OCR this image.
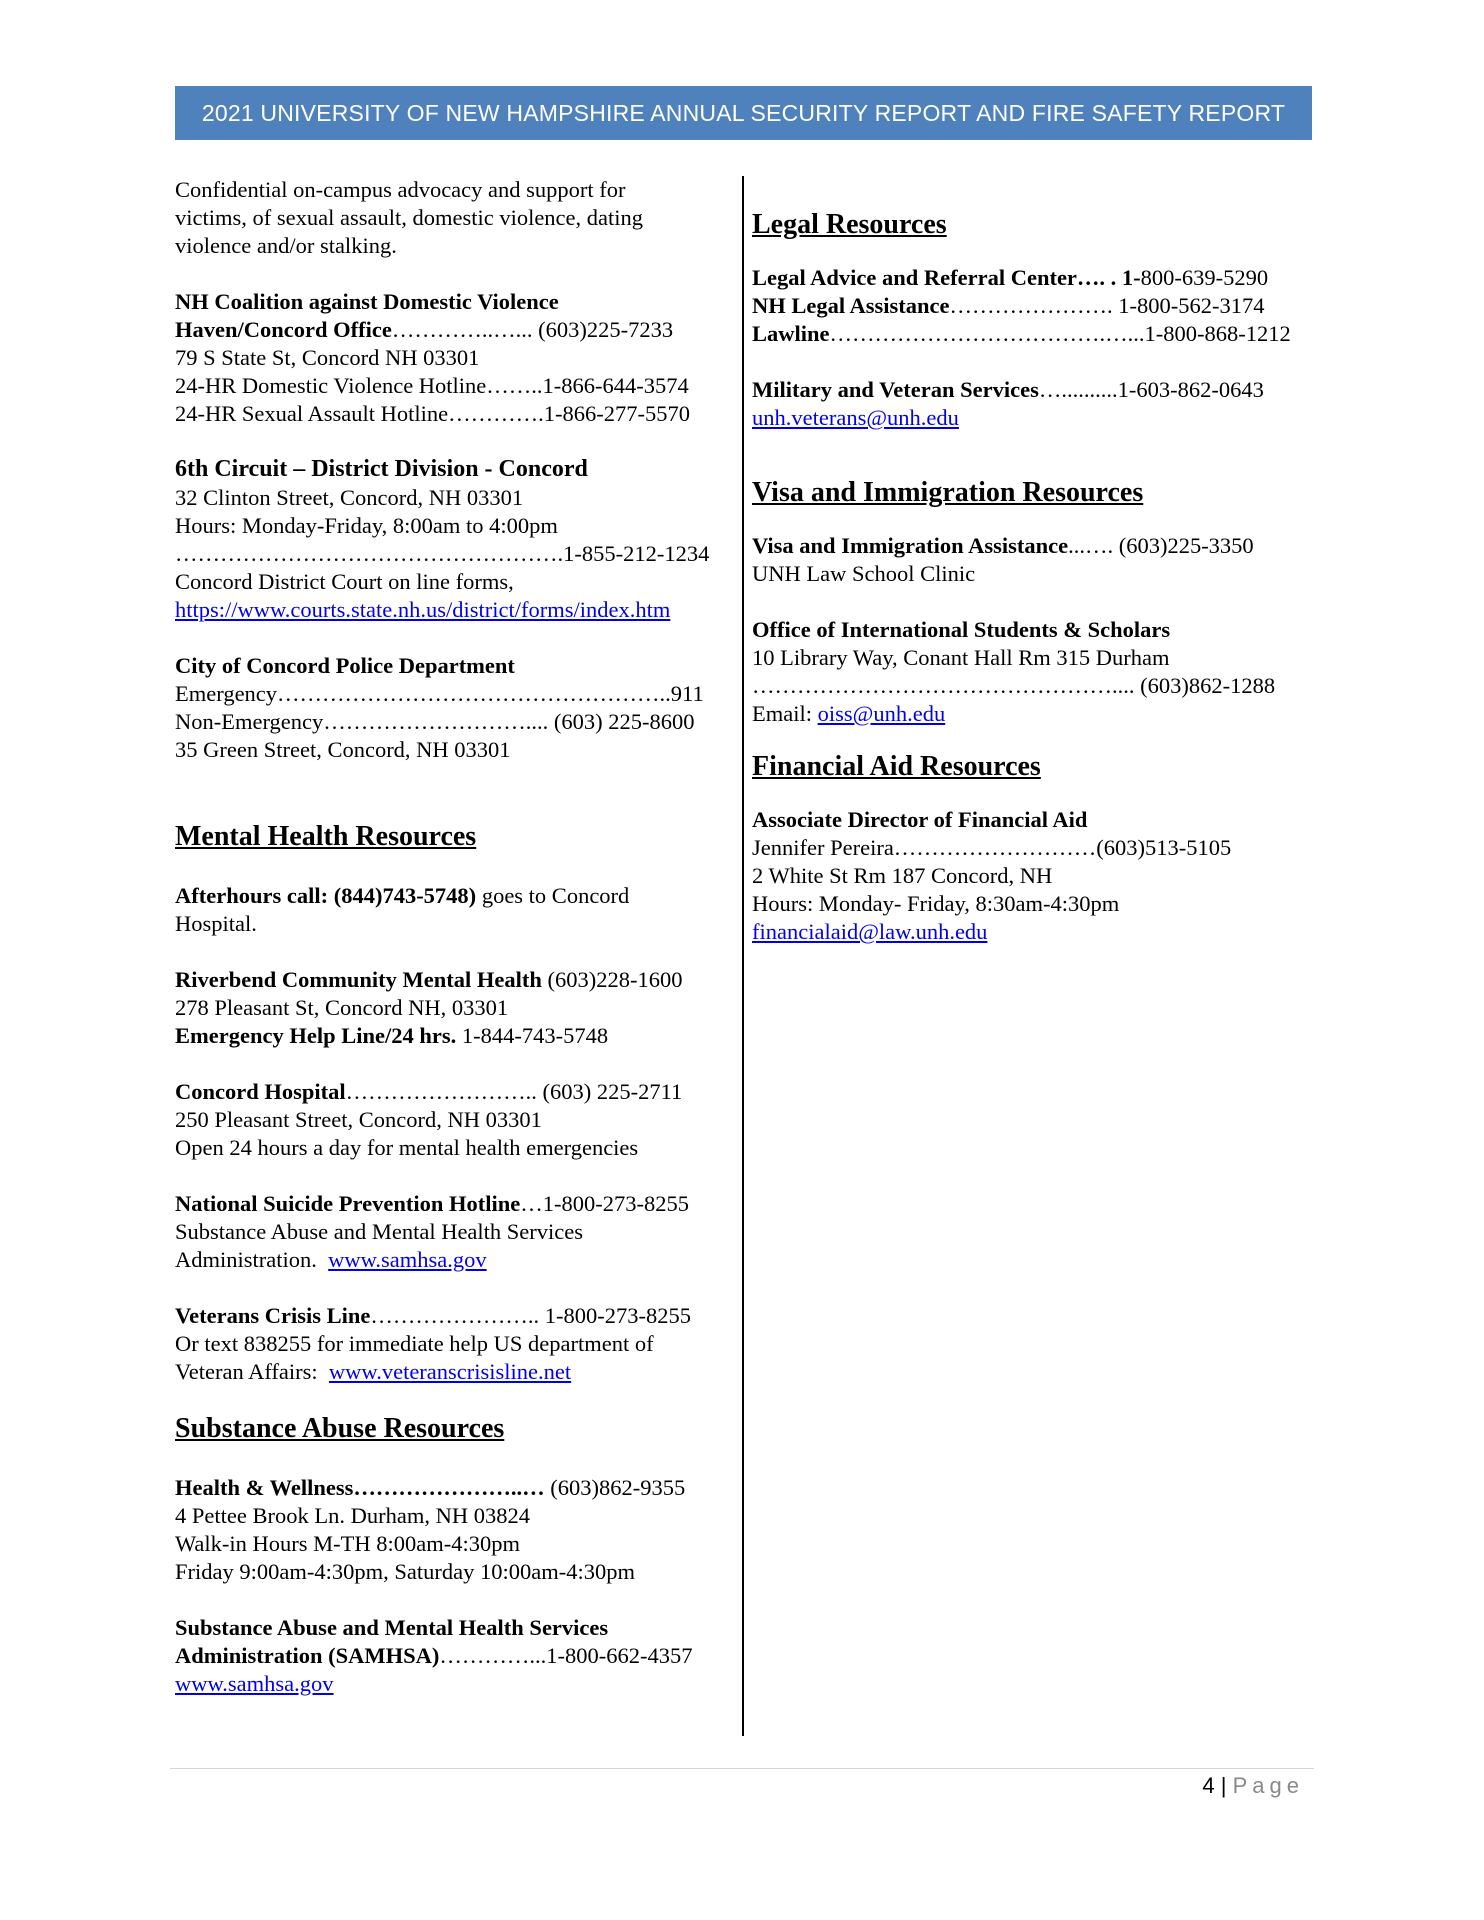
2021 UNIVERSITY OF NEW HAMPSHIRE ANNUAL SECURITY REPORT AND FIRE SAFETY REPORT
Confidential on-campus advocacy and support for
victims, of sexual assault, domestic violence, dating
violence and/or stalking.
NH Coalition against Domestic Violence
Haven/Concord Office…………..…... (603)225-7233
79 S State St, Concord NH 03301
24-HR Domestic Violence Hotline……..1-866-644-3574
24-HR Sexual Assault Hotline………….1-866-277-5570
6th Circuit – District Division - Concord
32 Clinton Street, Concord, NH 03301
Hours: Monday-Friday, 8:00am to 4:00pm
…………………………………………….1-855-212-1234
Concord District Court on line forms,
https://www.courts.state.nh.us/district/forms/index.htm
City of Concord Police Department
Emergency……………………………………………..911
Non-Emergency……………………….... (603) 225-8600
35 Green Street, Concord, NH 03301
Mental Health Resources
Afterhours call: (844)743-5748) goes to Concord
Hospital.
Riverbend Community Mental Health (603)228-1600
278 Pleasant St, Concord NH, 03301
Emergency Help Line/24 hrs. 1-844-743-5748
Concord Hospital…………………….. (603) 225-2711
250 Pleasant Street, Concord, NH 03301
Open 24 hours a day for mental health emergencies
National Suicide Prevention Hotline…1-800-273-8255
Substance Abuse and Mental Health Services
Administration.  www.samhsa.gov
Veterans Crisis Line………………….. 1-800-273-8255
Or text 838255 for immediate help US department of
Veteran Affairs:  www.veteranscrisisline.net
Substance Abuse Resources
Health & Wellness…………………..… (603)862-9355
4 Pettee Brook Ln. Durham, NH 03824
Walk-in Hours M-TH 8:00am-4:30pm
Friday 9:00am-4:30pm, Saturday 10:00am-4:30pm
Substance Abuse and Mental Health Services
Administration (SAMHSA)…………...1-800-662-4357
www.samhsa.gov
Legal Resources
Legal Advice and Referral Center…. . 1-800-639-5290
NH Legal Assistance…………………. 1-800-562-3174
Lawline……………………………….…...1-800-868-1212
Military and Veteran Services…..........1-603-862-0643
unh.veterans@unh.edu
Visa and Immigration Resources
Visa and Immigration Assistance...…. (603)225-3350
UNH Law School Clinic
Office of International Students & Scholars
10 Library Way, Conant Hall Rm 315 Durham
………………………………………….... (603)862-1288
Email: oiss@unh.edu
Financial Aid Resources
Associate Director of Financial Aid
Jennifer Pereira………………………(603)513-5105
2 White St Rm 187 Concord, NH
Hours: Monday- Friday, 8:30am-4:30pm
financialaid@law.unh.edu
4 | Page
